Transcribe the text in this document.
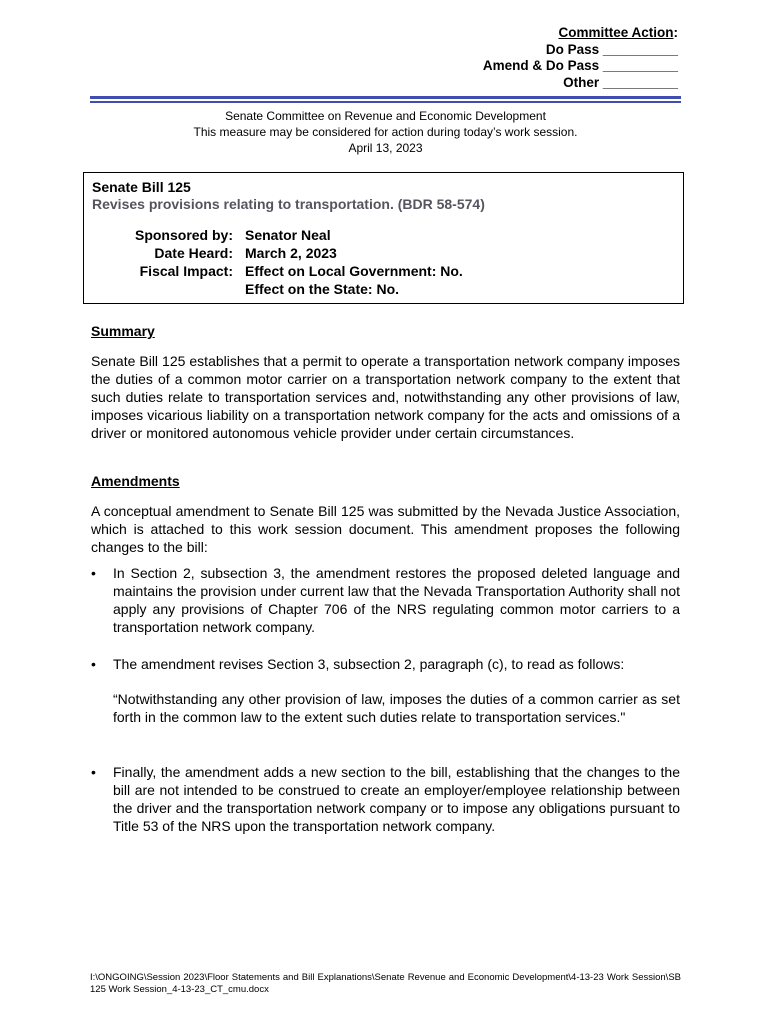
Committee Action:
Do Pass __________
Amend & Do Pass __________
Other __________
Senate Committee on Revenue and Economic Development
This measure may be considered for action during today’s work session.
April 13, 2023
Senate Bill 125
Revises provisions relating to transportation. (BDR 58-574)
Sponsored by: Senator Neal
Date Heard: March 2, 2023
Fiscal Impact: Effect on Local Government: No.
Effect on the State: No.
Summary

Senate Bill 125 establishes that a permit to operate a transportation network company imposes the duties of a common motor carrier on a transportation network company to the extent that such duties relate to transportation services and, notwithstanding any other provisions of law, imposes vicarious liability on a transportation network company for the acts and omissions of a driver or monitored autonomous vehicle provider under certain circumstances.

Amendments

A conceptual amendment to Senate Bill 125 was submitted by the Nevada Justice Association, which is attached to this work session document. This amendment proposes the following changes to the bill:

•	In Section 2, subsection 3, the amendment restores the proposed deleted language and maintains the provision under current law that the Nevada Transportation Authority shall not apply any provisions of Chapter 706 of the NRS regulating common motor carriers to a transportation network company.
•	The amendment revises Section 3, subsection 2, paragraph (c), to read as follows:
“Notwithstanding any other provision of law, imposes the duties of a common carrier as set forth in the common law to the extent such duties relate to transportation services."
•	Finally, the amendment adds a new section to the bill, establishing that the changes to the bill are not intended to be construed to create an employer/employee relationship between the driver and the transportation network company or to impose any obligations pursuant to Title 53 of the NRS upon the transportation network company.
I:\ONGOING\Session 2023\Floor Statements and Bill Explanations\Senate Revenue and Economic Development\4-13-23 Work Session\SB 125 Work Session_4-13-23_CT_cmu.docx
